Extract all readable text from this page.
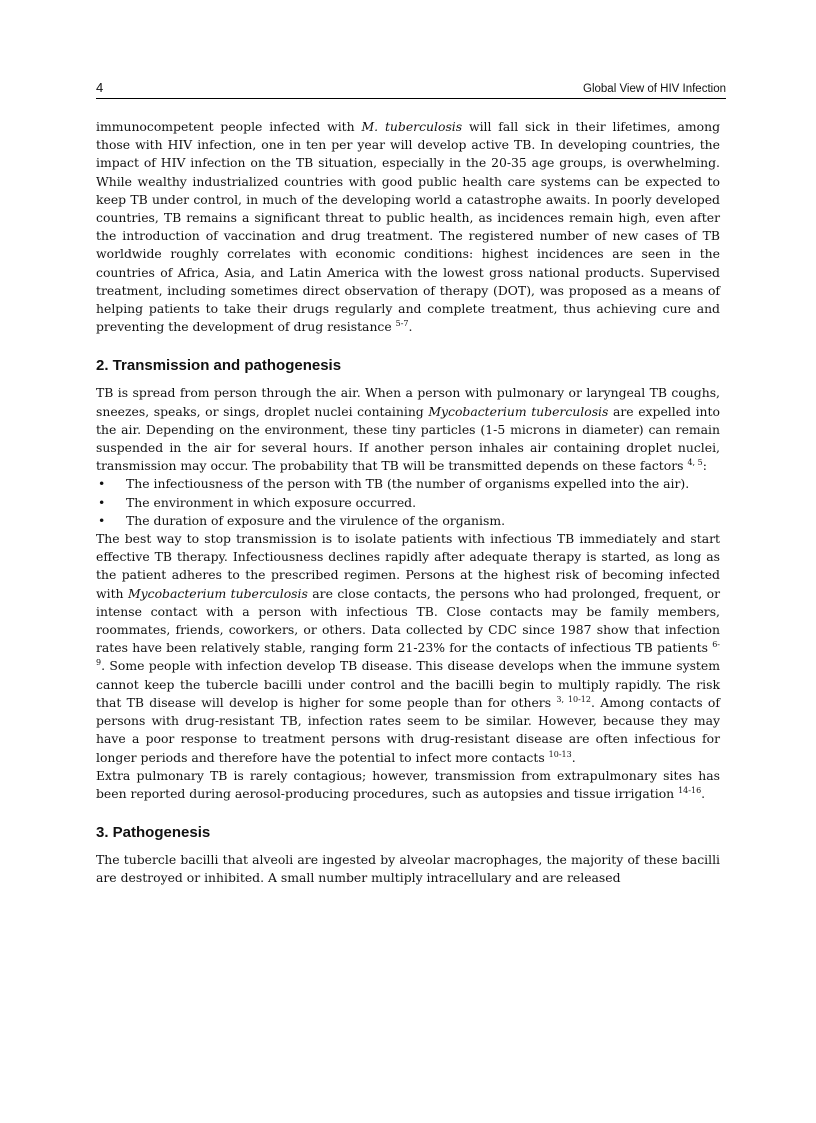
4	Global View of HIV Infection

immunocompetent people infected with M. tuberculosis will fall sick in their lifetimes, among those with HIV infection, one in ten per year will develop active TB. In developing countries, the impact of HIV infection on the TB situation, especially in the 20-35 age groups, is overwhelming. While wealthy industrialized countries with good public health care systems can be expected to keep TB under control, in much of the developing world a catastrophe awaits. In poorly developed countries, TB remains a significant threat to public health, as incidences remain high, even after the introduction of vaccination and drug treatment. The registered number of new cases of TB worldwide roughly correlates with economic conditions: highest incidences are seen in the countries of Africa, Asia, and Latin America with the lowest gross national products. Supervised treatment, including sometimes direct observation of therapy (DOT), was proposed as a means of helping patients to take their drugs regularly and complete treatment, thus achieving cure and preventing the development of drug resistance $^{5-7}$.

2. Transmission and pathogenesis

TB is spread from person through the air. When a person with pulmonary or laryngeal TB coughs, sneezes, speaks, or sings, droplet nuclei containing Mycobacterium tuberculosis are expelled into the air. Depending on the environment, these tiny particles (1-5 microns in diameter) can remain suspended in the air for several hours. If another person inhales air containing droplet nuclei, transmission may occur. The probability that TB will be transmitted depends on these factors $^{4, 5}$:

• The infectiousness of the person with TB (the number of organisms expelled into the air).
• The environment in which exposure occurred.
• The duration of exposure and the virulence of the organism.

The best way to stop transmission is to isolate patients with infectious TB immediately and start effective TB therapy. Infectiousness declines rapidly after adequate therapy is started, as long as the patient adheres to the prescribed regimen. Persons at the highest risk of becoming infected with Mycobacterium tuberculosis are close contacts, the persons who had prolonged, frequent, or intense contact with a person with infectious TB. Close contacts may be family members, roommates, friends, coworkers, or others. Data collected by CDC since 1987 show that infection rates have been relatively stable, ranging form 21-23% for the contacts of infectious TB patients $^{6-9}$. Some people with infection develop TB disease. This disease develops when the immune system cannot keep the tubercle bacilli under control and the bacilli begin to multiply rapidly. The risk that TB disease will develop is higher for some people than for others $^{3, 10-12}$. Among contacts of persons with drug-resistant TB, infection rates seem to be similar. However, because they may have a poor response to treatment persons with drug-resistant disease are often infectious for longer periods and therefore have the potential to infect more contacts $^{10-13}$.

Extra pulmonary TB is rarely contagious; however, transmission from extrapulmonary sites has been reported during aerosol-producing procedures, such as autopsies and tissue irrigation $^{14-16}$.

3. Pathogenesis

The tubercle bacilli that alveoli are ingested by alveolar macrophages, the majority of these bacilli are destroyed or inhibited. A small number multiply intracellulary and are released
